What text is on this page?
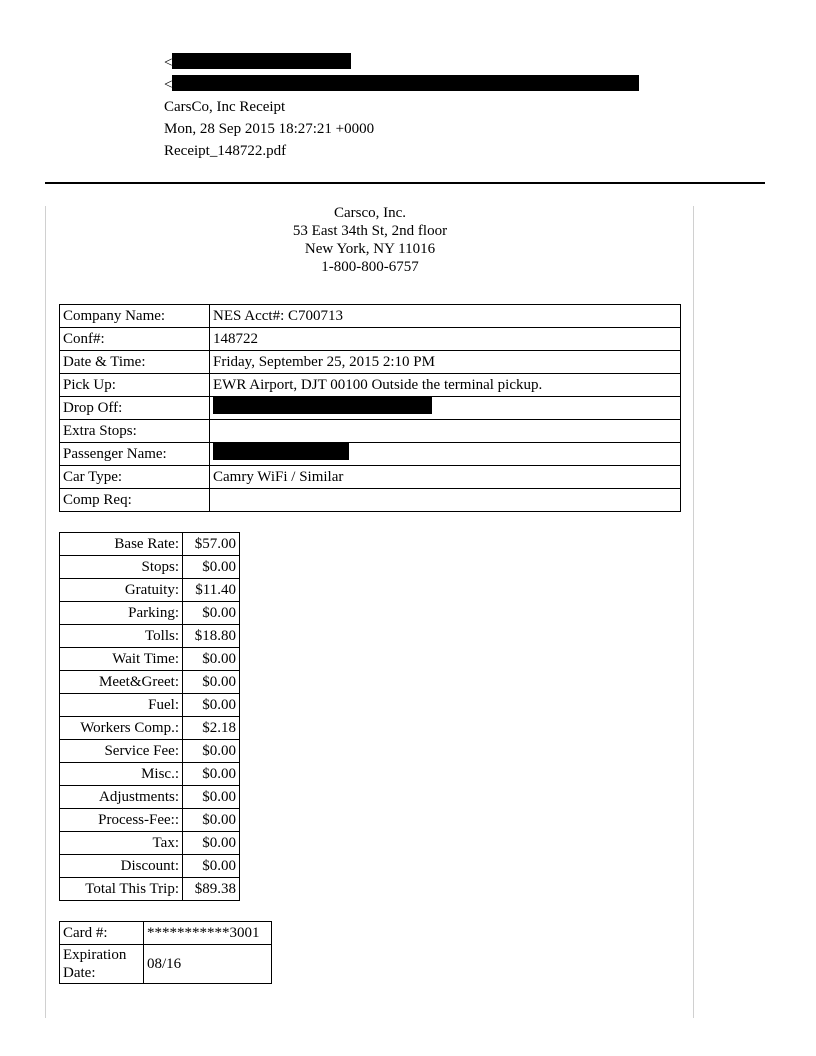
<
<
CarsCo, Inc Receipt
Mon, 28 Sep 2015 18:27:21 +0000
Receipt_148722.pdf
Carsco, Inc.
53 East 34th St, 2nd floor
New York, NY 11016
1-800-800-6757
Company Name:	NES Acct#: C700713
Conf#:	148722
Date & Time:	Friday, September 25, 2015 2:10 PM
Pick Up:	EWR Airport, DJT 00100 Outside the terminal pickup.
Drop Off:	
Extra Stops:	
Passenger Name:	
Car Type:	Camry WiFi / Similar
Comp Req:	
Base Rate:	$57.00
Stops:	$0.00
Gratuity:	$11.40
Parking:	$0.00
Tolls:	$18.80
Wait Time:	$0.00
Meet&Greet:	$0.00
Fuel:	$0.00
Workers Comp.:	$2.18
Service Fee:	$0.00
Misc.:	$0.00
Adjustments:	$0.00
Process-Fee::	$0.00
Tax:	$0.00
Discount:	$0.00
Total This Trip:	$89.38
Card #:	***********3001
Expiration
Date:	08/16
